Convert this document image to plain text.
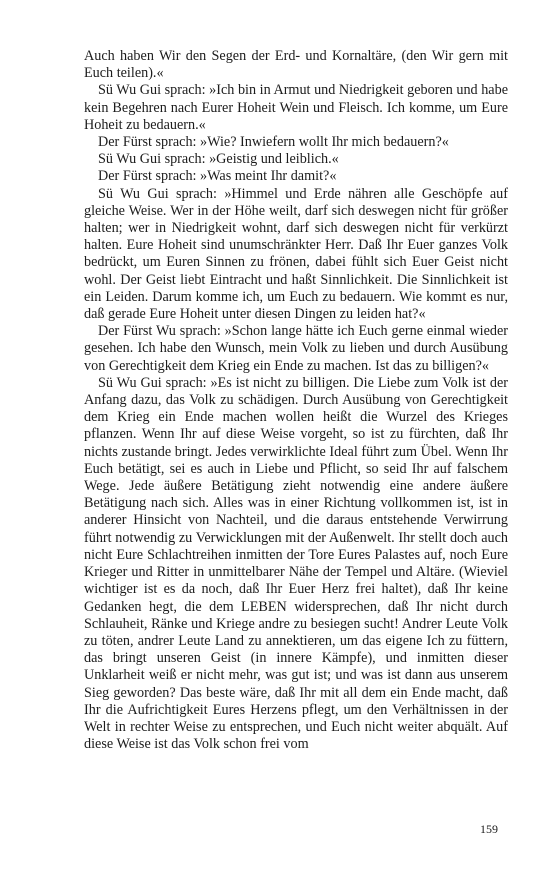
Auch haben Wir den Segen der Erd- und Kornaltäre, (den Wir gern mit Euch teilen).«

Sü Wu Gui sprach: »Ich bin in Armut und Niedrigkeit geboren und habe kein Begehren nach Eurer Hoheit Wein und Fleisch. Ich komme, um Eure Hoheit zu bedauern.«

Der Fürst sprach: »Wie? Inwiefern wollt Ihr mich bedauern?«

Sü Wu Gui sprach: »Geistig und leiblich.«

Der Fürst sprach: »Was meint Ihr damit?«

Sü Wu Gui sprach: »Himmel und Erde nähren alle Geschöpfe auf gleiche Weise. Wer in der Höhe weilt, darf sich deswegen nicht für größer halten; wer in Niedrigkeit wohnt, darf sich deswegen nicht für verkürzt halten. Eure Hoheit sind unumschränkter Herr. Daß Ihr Euer ganzes Volk bedrückt, um Euren Sinnen zu frönen, dabei fühlt sich Euer Geist nicht wohl. Der Geist liebt Eintracht und haßt Sinnlichkeit. Die Sinnlichkeit ist ein Leiden. Darum komme ich, um Euch zu bedauern. Wie kommt es nur, daß gerade Eure Hoheit unter diesen Dingen zu leiden hat?«

Der Fürst Wu sprach: »Schon lange hätte ich Euch gerne einmal wieder gesehen. Ich habe den Wunsch, mein Volk zu lieben und durch Ausübung von Gerechtigkeit dem Krieg ein Ende zu machen. Ist das zu billigen?«

Sü Wu Gui sprach: »Es ist nicht zu billigen. Die Liebe zum Volk ist der Anfang dazu, das Volk zu schädigen. Durch Ausübung von Gerechtigkeit dem Krieg ein Ende machen wollen heißt die Wurzel des Krieges pflanzen. Wenn Ihr auf diese Weise vorgeht, so ist zu fürchten, daß Ihr nichts zustande bringt. Jedes verwirklichte Ideal führt zum Übel. Wenn Ihr Euch betätigt, sei es auch in Liebe und Pflicht, so seid Ihr auf falschem Wege. Jede äußere Betätigung zieht notwendig eine andere äußere Betätigung nach sich. Alles was in einer Richtung vollkommen ist, ist in anderer Hinsicht von Nachteil, und die daraus entstehende Verwirrung führt notwendig zu Verwicklungen mit der Außenwelt. Ihr stellt doch auch nicht Eure Schlachtreihen inmitten der Tore Eures Palastes auf, noch Eure Krieger und Ritter in unmittelbarer Nähe der Tempel und Altäre. (Wieviel wichtiger ist es da noch, daß Ihr Euer Herz frei haltet), daß Ihr keine Gedanken hegt, die dem LEBEN widersprechen, daß Ihr nicht durch Schlauheit, Ränke und Kriege andre zu besiegen sucht! Andrer Leute Volk zu töten, andrer Leute Land zu annektieren, um das eigene Ich zu füttern, das bringt unseren Geist (in innere Kämpfe), und inmitten dieser Unklarheit weiß er nicht mehr, was gut ist; und was ist dann aus unserem Sieg geworden? Das beste wäre, daß Ihr mit all dem ein Ende macht, daß Ihr die Aufrichtigkeit Eures Herzens pflegt, um den Verhältnissen in der Welt in rechter Weise zu entsprechen, und Euch nicht weiter abquält. Auf diese Weise ist das Volk schon frei vom

159
